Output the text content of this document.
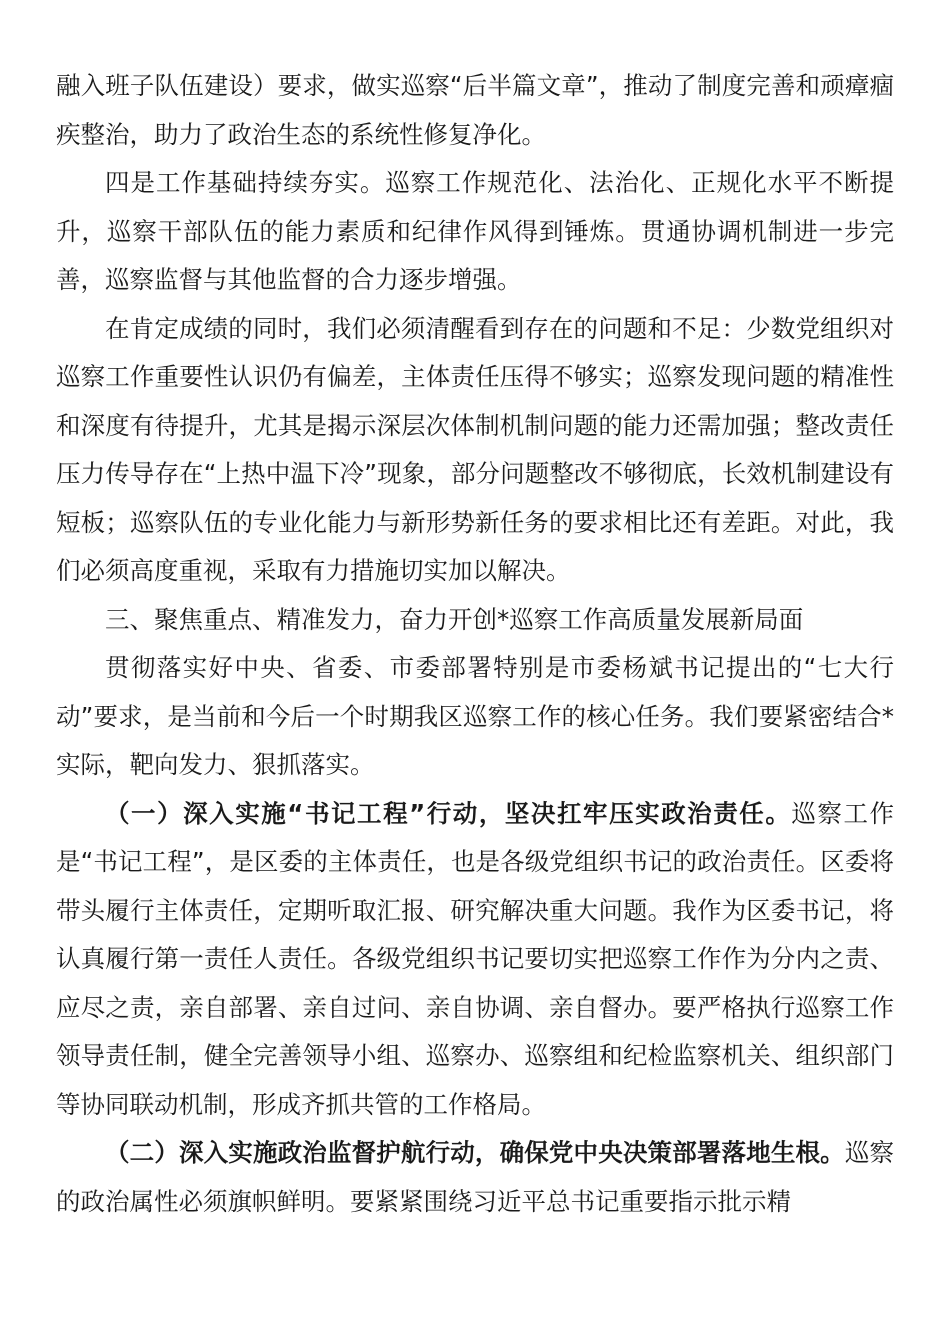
融入班子队伍建设）要求，做实巡察“后半篇文章”，推动了制度完善和顽瘴痼疾整治，助力了政治生态的系统性修复净化。

四是工作基础持续夯实。巡察工作规范化、法治化、正规化水平不断提升，巡察干部队伍的能力素质和纪律作风得到锤炼。贯通协调机制进一步完善，巡察监督与其他监督的合力逐步增强。

在肯定成绩的同时，我们必须清醒看到存在的问题和不足：少数党组织对巡察工作重要性认识仍有偏差，主体责任压得不够实；巡察发现问题的精准性和深度有待提升，尤其是揭示深层次体制机制问题的能力还需加强；整改责任压力传导存在“上热中温下冷”现象，部分问题整改不够彻底，长效机制建设有短板；巡察队伍的专业化能力与新形势新任务的要求相比还有差距。对此，我们必须高度重视，采取有力措施切实加以解决。

三、聚焦重点、精准发力，奋力开创*巡察工作高质量发展新局面

贯彻落实好中央、省委、市委部署特别是市委杨斌书记提出的“七大行动”要求，是当前和今后一个时期我区巡察工作的核心任务。我们要紧密结合*实际，靶向发力、狠抓落实。

（一）深入实施“书记工程”行动，坚决扛牢压实政治责任。巡察工作是“书记工程”，是区委的主体责任，也是各级党组织书记的政治责任。区委将带头履行主体责任，定期听取汇报、研究解决重大问题。我作为区委书记，将认真履行第一责任人责任。各级党组织书记要切实把巡察工作作为分内之责、应尽之责，亲自部署、亲自过问、亲自协调、亲自督办。要严格执行巡察工作领导责任制，健全完善领导小组、巡察办、巡察组和纪检监察机关、组织部门等协同联动机制，形成齐抓共管的工作格局。

（二）深入实施政治监督护航行动，确保党中央决策部署落地生根。巡察的政治属性必须旗帜鲜明。要紧紧围绕习近平总书记重要指示批示精
